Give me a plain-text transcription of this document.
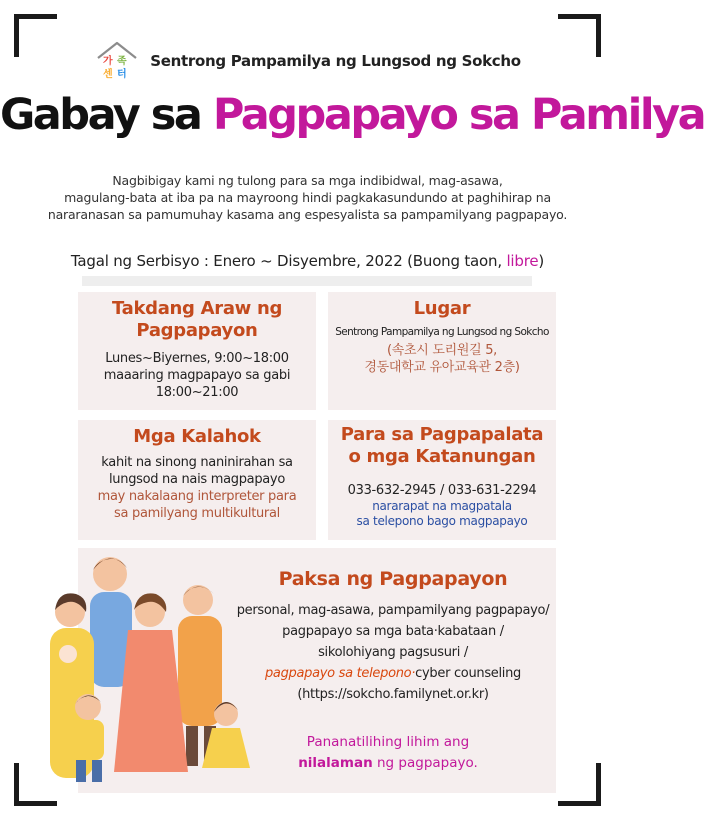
가 족
센 터
Sentrong Pampamilya ng Lungsod ng Sokcho
Gabay sa Pagpapayo sa Pamilya
Nagbibigay kami ng tulong para sa mga indibidwal, mag-asawa,
magulang-bata at iba pa na mayroong hindi pagkakasundundo at paghihirap na
nararanasan sa pamumuhay kasama ang espesyalista sa pampamilyang pagpapayo.
Tagal ng Serbisyo : Enero ~ Disyembre, 2022 (Buong taon, libre)
Takdang Araw ng
Pagpapayon
Lunes~Biyernes, 9:00~18:00
maaaring magpapayo sa gabi
18:00~21:00
Lugar
Sentrong Pampamilya ng Lungsod ng Sokcho
(속초시 도리원길 5,
경동대학교 유아교육관 2층)
Mga Kalahok
kahit na sinong naninirahan sa
lungsod na nais magpapayo
may nakalaang interpreter para
sa pamilyang multikultural
Para sa Pagpapalata
o mga Katanungan
033-632-2945 / 033-631-2294
nararapat na magpatala
sa telepono bago magpapayo
Paksa ng Pagpapayon
personal, mag-asawa, pampamilyang pagpapayo/
pagpapayo sa mga bata·kabataan /
sikolohiyang pagsusuri /
pagpapayo sa telepono·cyber counseling
(https://sokcho.familynet.or.kr)
Pananatilihing lihim ang
nilalaman ng pagpapayo.
